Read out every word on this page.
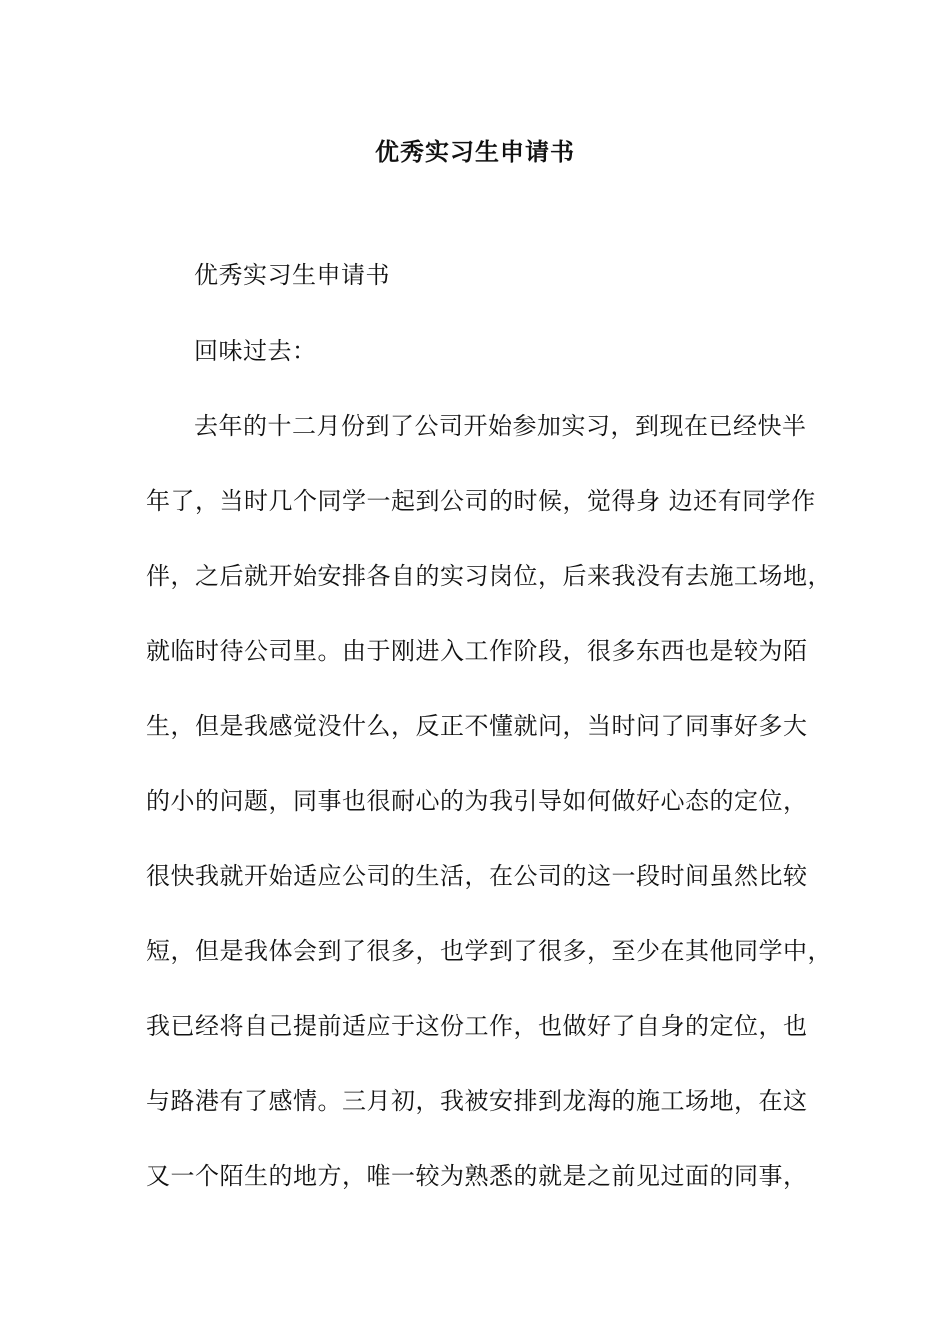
优秀实习生申请书
优秀实习生申请书
回味过去：
去年的十二月份到了公司开始参加实习，到现在已经快半
年了，当时几个同学一起到公司的时候，觉得身 边还有同学作
伴，之后就开始安排各自的实习岗位，后来我没有去施工场地，
就临时待公司里。由于刚进入工作阶段，很多东西也是较为陌
生，但是我感觉没什么，反正不懂就问，当时问了同事好多大
的小的问题，同事也很耐心的为我引导如何做好心态的定位，
很快我就开始适应公司的生活，在公司的这一段时间虽然比较
短，但是我体会到了很多，也学到了很多，至少在其他同学中，
我已经将自己提前适应于这份工作，也做好了自身的定位，也
与路港有了感情。三月初，我被安排到龙海的施工场地，在这
又一个陌生的地方，唯一较为熟悉的就是之前见过面的同事，
